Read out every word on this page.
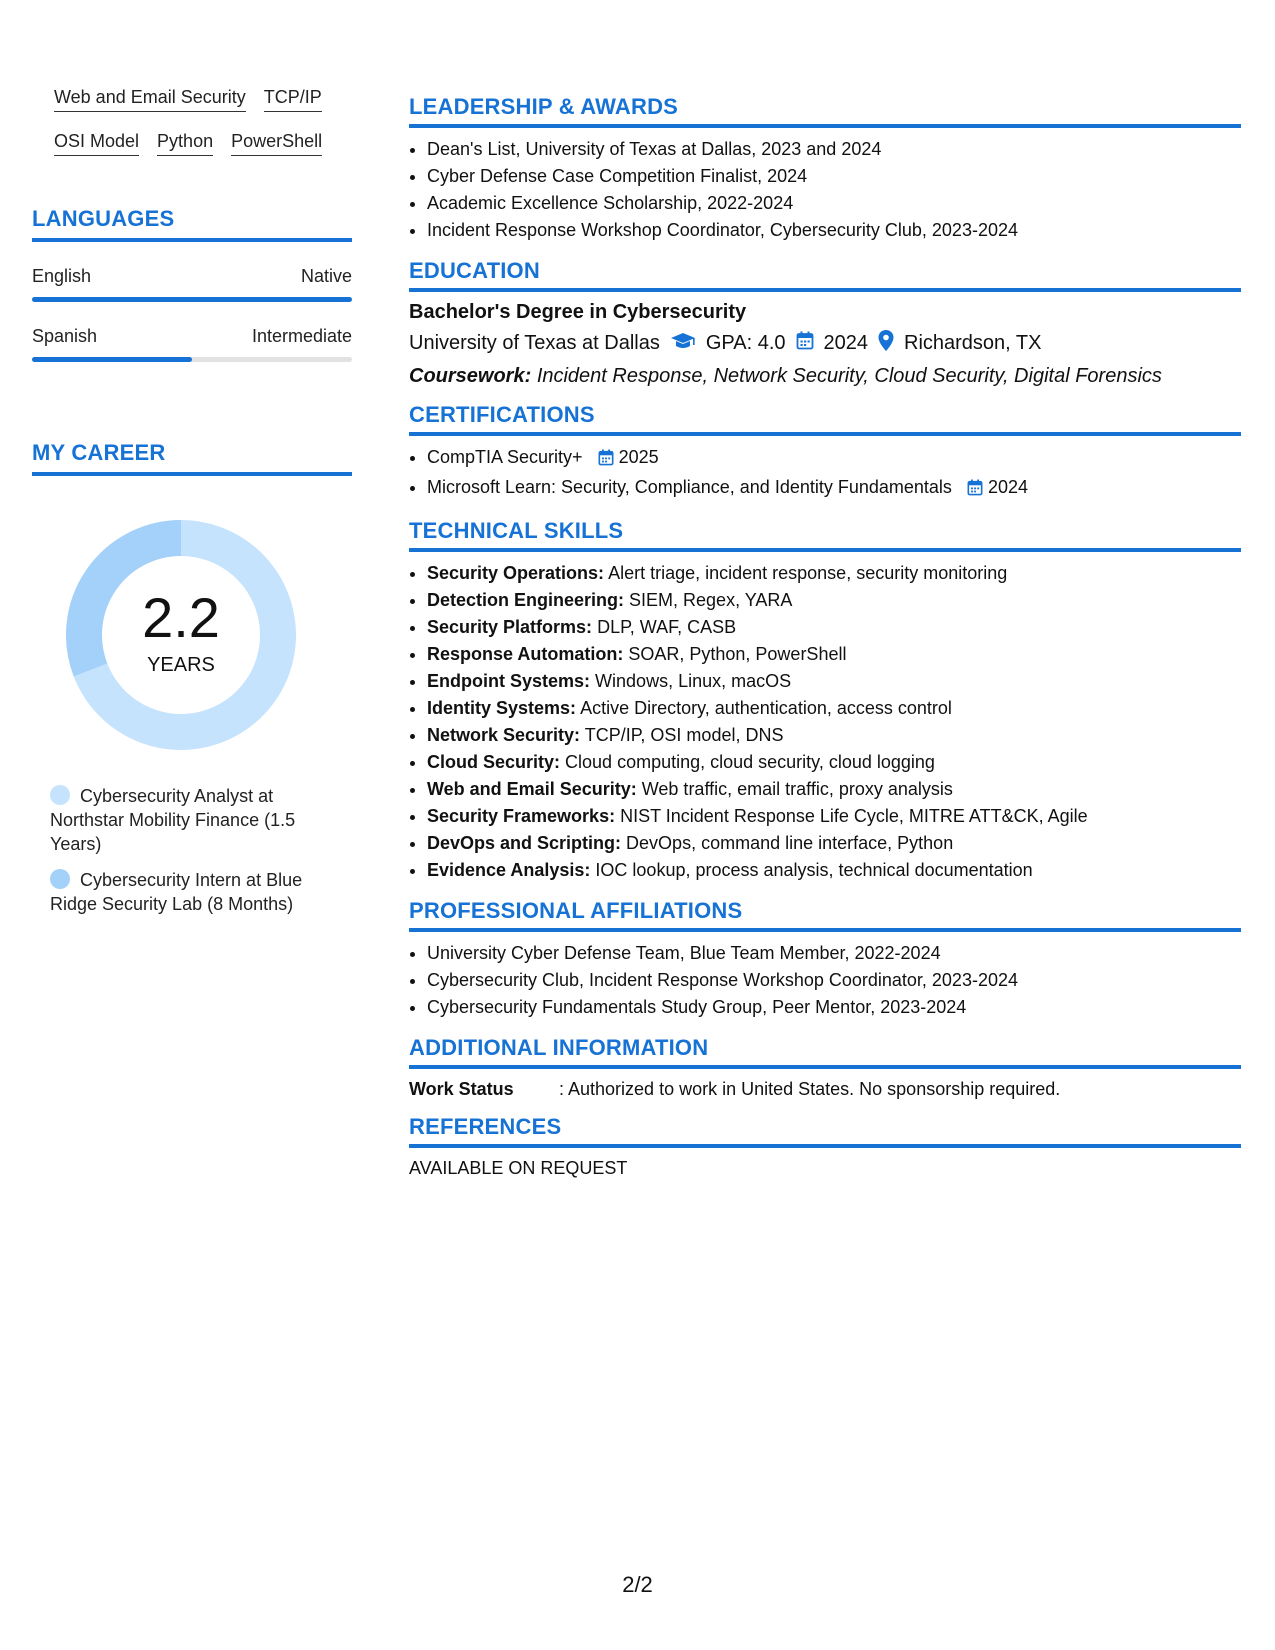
Web and Email Security TCP/IP
OSI Model Python PowerShell
LANGUAGES
English	Native
Spanish	Intermediate
MY CAREER
2.2
YEARS
Cybersecurity Analyst at Northstar Mobility Finance (1.5 Years)
Cybersecurity Intern at Blue Ridge Security Lab (8 Months)
LEADERSHIP & AWARDS
• Dean's List, University of Texas at Dallas, 2023 and 2024
• Cyber Defense Case Competition Finalist, 2024
• Academic Excellence Scholarship, 2022-2024
• Incident Response Workshop Coordinator, Cybersecurity Club, 2023-2024
EDUCATION
Bachelor's Degree in Cybersecurity
University of Texas at Dallas GPA: 4.0 2024 Richardson, TX
Coursework: Incident Response, Network Security, Cloud Security, Digital Forensics
CERTIFICATIONS
• CompTIA Security+ 2025
• Microsoft Learn: Security, Compliance, and Identity Fundamentals 2024
TECHNICAL SKILLS
• Security Operations: Alert triage, incident response, security monitoring
• Detection Engineering: SIEM, Regex, YARA
• Security Platforms: DLP, WAF, CASB
• Response Automation: SOAR, Python, PowerShell
• Endpoint Systems: Windows, Linux, macOS
• Identity Systems: Active Directory, authentication, access control
• Network Security: TCP/IP, OSI model, DNS
• Cloud Security: Cloud computing, cloud security, cloud logging
• Web and Email Security: Web traffic, email traffic, proxy analysis
• Security Frameworks: NIST Incident Response Life Cycle, MITRE ATT&CK, Agile
• DevOps and Scripting: DevOps, command line interface, Python
• Evidence Analysis: IOC lookup, process analysis, technical documentation
PROFESSIONAL AFFILIATIONS
• University Cyber Defense Team, Blue Team Member, 2022-2024
• Cybersecurity Club, Incident Response Workshop Coordinator, 2023-2024
• Cybersecurity Fundamentals Study Group, Peer Mentor, 2023-2024
ADDITIONAL INFORMATION
Work Status	: Authorized to work in United States. No sponsorship required.
REFERENCES
AVAILABLE ON REQUEST
2/2
